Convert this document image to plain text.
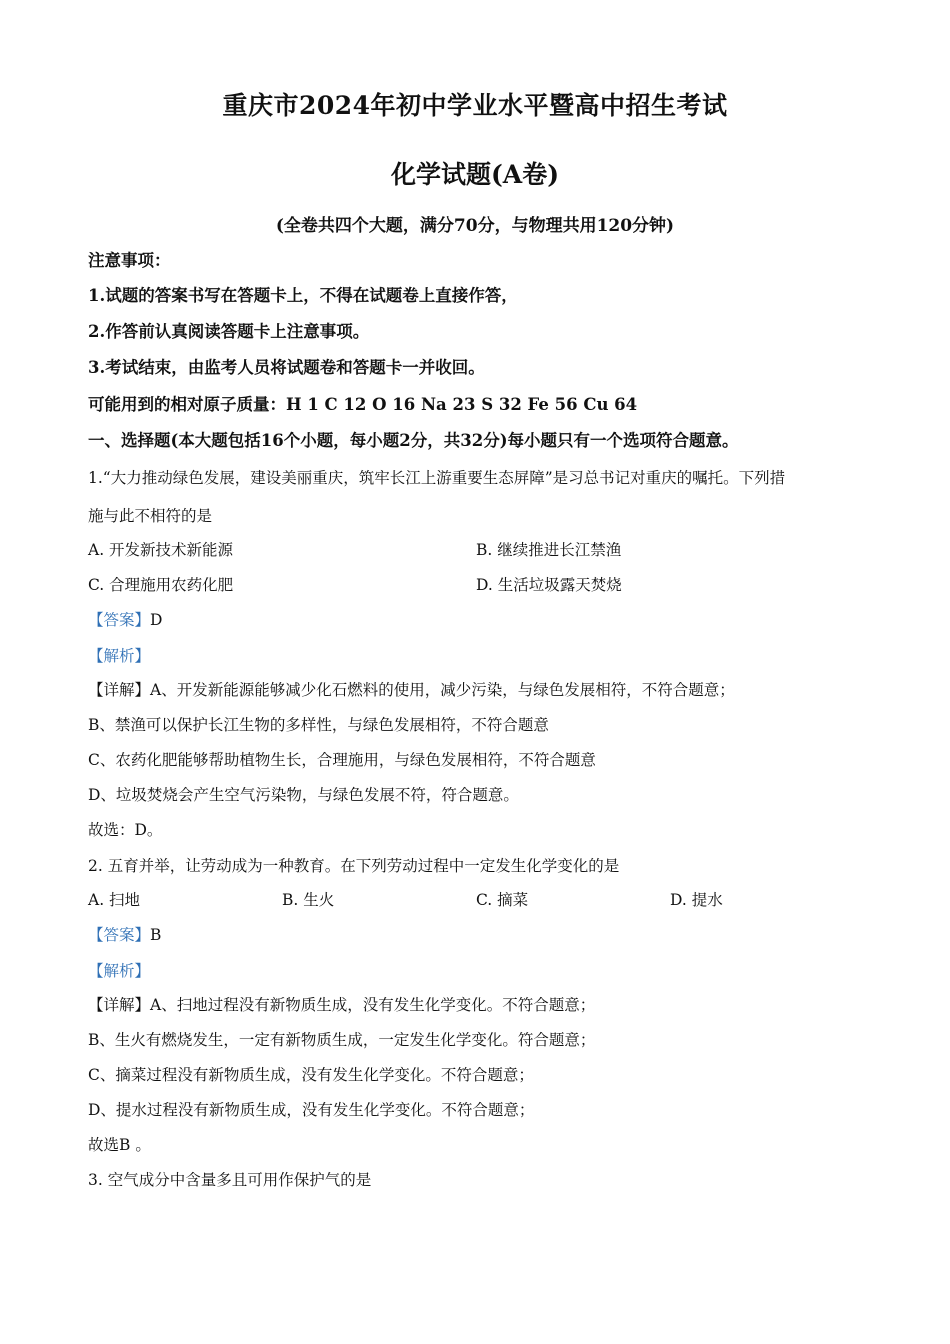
重庆市2024年初中学业水平暨高中招生考试
化学试题(A卷)
(全卷共四个大题，满分70分，与物理共用120分钟)
注意事项：
1.试题的答案书写在答题卡上，不得在试题卷上直接作答，
2.作答前认真阅读答题卡上注意事项。
3.考试结束，由监考人员将试题卷和答题卡一并收回。
可能用到的相对原子质量：H 1 C 12 O 16 Na 23 S 32 Fe 56 Cu 64
一、选择题(本大题包括16个小题，每小题2分，共32分)每小题只有一个选项符合题意。
1.“大力推动绿色发展，建设美丽重庆，筑牢长江上游重要生态屏障”是习总书记对重庆的嘱托。下列措
施与此不相符的是
A. 开发新技术新能源	B. 继续推进长江禁渔
C. 合理施用农药化肥	D. 生活垃圾露天焚烧
【答案】D
【解析】
【详解】A、开发新能源能够减少化石燃料的使用，减少污染，与绿色发展相符，不符合题意；
B、禁渔可以保护长江生物的多样性，与绿色发展相符，不符合题意
C、农药化肥能够帮助植物生长，合理施用，与绿色发展相符，不符合题意
D、垃圾焚烧会产生空气污染物，与绿色发展不符，符合题意。
故选：D。
2. 五育并举，让劳动成为一种教育。在下列劳动过程中一定发生化学变化的是
A. 扫地	B. 生火	C. 摘菜	D. 提水
【答案】B
【解析】
【详解】A、扫地过程没有新物质生成，没有发生化学变化。不符合题意；
B、生火有燃烧发生，一定有新物质生成，一定发生化学变化。符合题意；
C、摘菜过程没有新物质生成，没有发生化学变化。不符合题意；
D、提水过程没有新物质生成，没有发生化学变化。不符合题意；
故选B 。
3. 空气成分中含量多且可用作保护气的是
